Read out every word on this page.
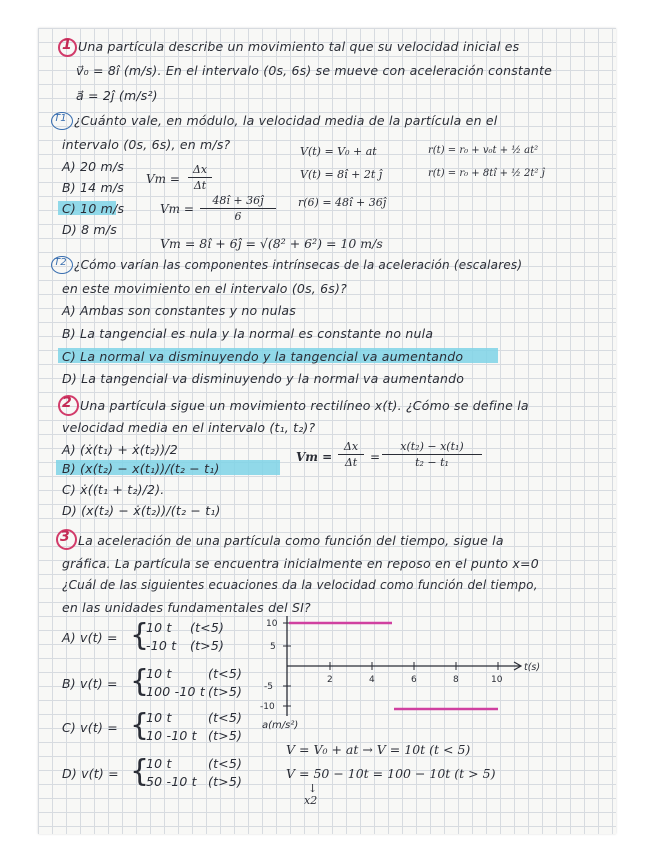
1 Una partícula describe un movimiento tal que su velocidad inicial es
v⃗₀ = 8î (m/s). En el intervalo (0s, 6s) se mueve con aceleración constante
a⃗ = 2ĵ (m/s²)
T1 ¿Cuánto vale, en módulo, la velocidad media de la partícula en el
intervalo (0s, 6s), en m/s?
A) 20 m/s
B) 14 m/s
C) 10 m/s
D) 8 m/s
Vm =
Δx
Δt
V(t) = V₀ + at
V(t) = 8î + 2t ĵ
r(t) = r₀ + v₀t + ½ at²
r(t) = r₀ + 8tî + ½ 2t² ĵ
Vm =
48î + 36ĵ
6
r(6) = 48î + 36ĵ
Vm = 8î + 6ĵ = √(8² + 6²) = 10 m/s
T2 ¿Cómo varían las componentes intrínsecas de la aceleración (escalares)
en este movimiento en el intervalo (0s, 6s)?
A) Ambas son constantes y no nulas
B) La tangencial es nula y la normal es constante no nula
C) La normal va disminuyendo y la tangencial va aumentando
D) La tangencial va disminuyendo y la normal va aumentando
2 Una partícula sigue un movimiento rectilíneo x(t). ¿Cómo se define la
velocidad media en el intervalo (t₁, t₂)?
A) (ẋ(t₁) + ẋ(t₂))/2
B) (x(t₂) − x(t₁))/(t₂ − t₁)
C) ẋ((t₁ + t₂)/2).
D) (x(t₂) − ẋ(t₂))/(t₂ − t₁)
Vm =
Δx
Δt	=
x(t₂) − x(t₁)
t₂ − t₁
3 La aceleración de una partícula como función del tiempo, sigue la
gráfica. La partícula se encuentra inicialmente en reposo en el punto x=0
¿Cuál de las siguientes ecuaciones da la velocidad como función del tiempo,
en las unidades fundamentales del SI?
A) v(t) = {
10 t (t<5)
-10 t (t>5)
B) v(t) = {
10 t	(t<5)
100 -10 t (t>5)
C) v(t) = {
10 t	(t<5)
10 -10 t (t>5)
D) v(t) = {
10 t	(t<5)
50 -10 t (t>5)
10
5
-5
-10
2	4	6	8	10
t(s)
a(m/s²)
V = V₀ + at → V = 10t (t < 5)
V = 50 − 10t = 100 − 10t (t > 5)
↓
x2
